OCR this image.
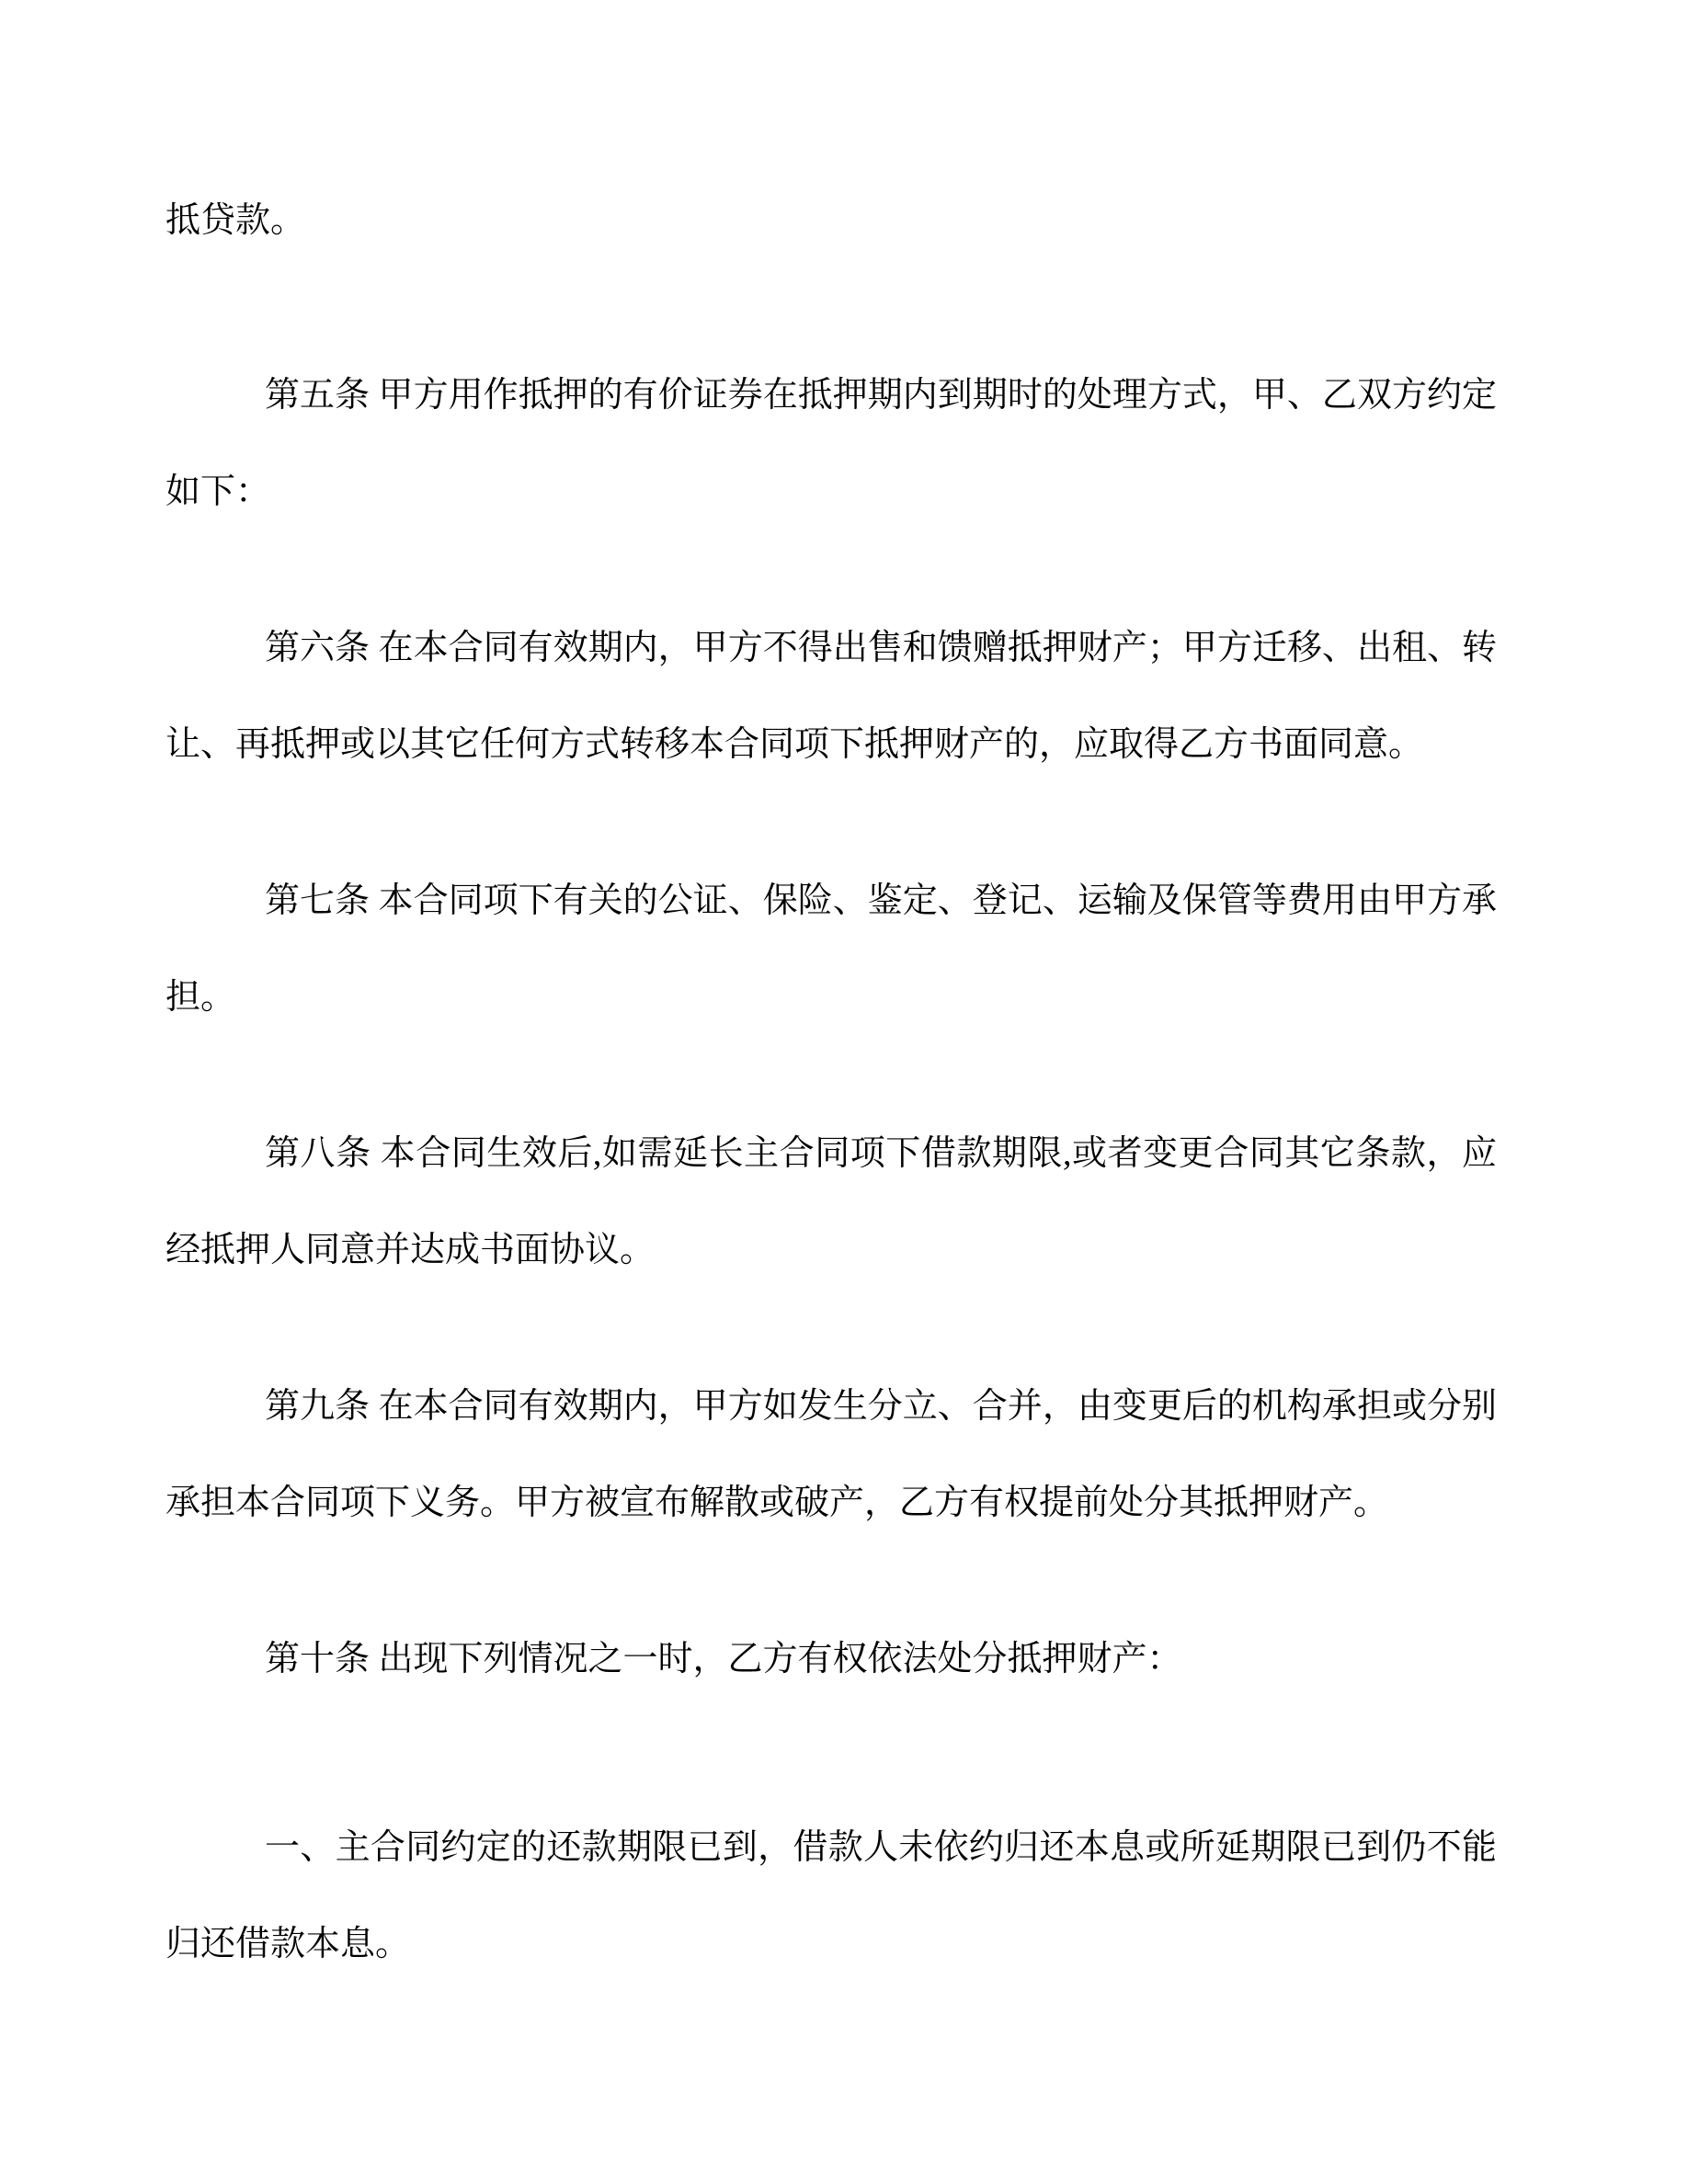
抵贷款。

第五条 甲方用作抵押的有价证券在抵押期内到期时的处理方式，甲、乙双方约定如下：

第六条 在本合同有效期内，甲方不得出售和馈赠抵押财产；甲方迁移、出租、转让、再抵押或以其它任何方式转移本合同项下抵押财产的，应取得乙方书面同意。

第七条 本合同项下有关的公证、保险、鉴定、登记、运输及保管等费用由甲方承担。

第八条 本合同生效后,如需延长主合同项下借款期限,或者变更合同其它条款，应经抵押人同意并达成书面协议。

第九条 在本合同有效期内，甲方如发生分立、合并，由变更后的机构承担或分别承担本合同项下义务。甲方被宣布解散或破产，乙方有权提前处分其抵押财产。

第十条 出现下列情况之一时，乙方有权依法处分抵押财产：

一、主合同约定的还款期限已到，借款人未依约归还本息或所延期限已到仍不能归还借款本息。
